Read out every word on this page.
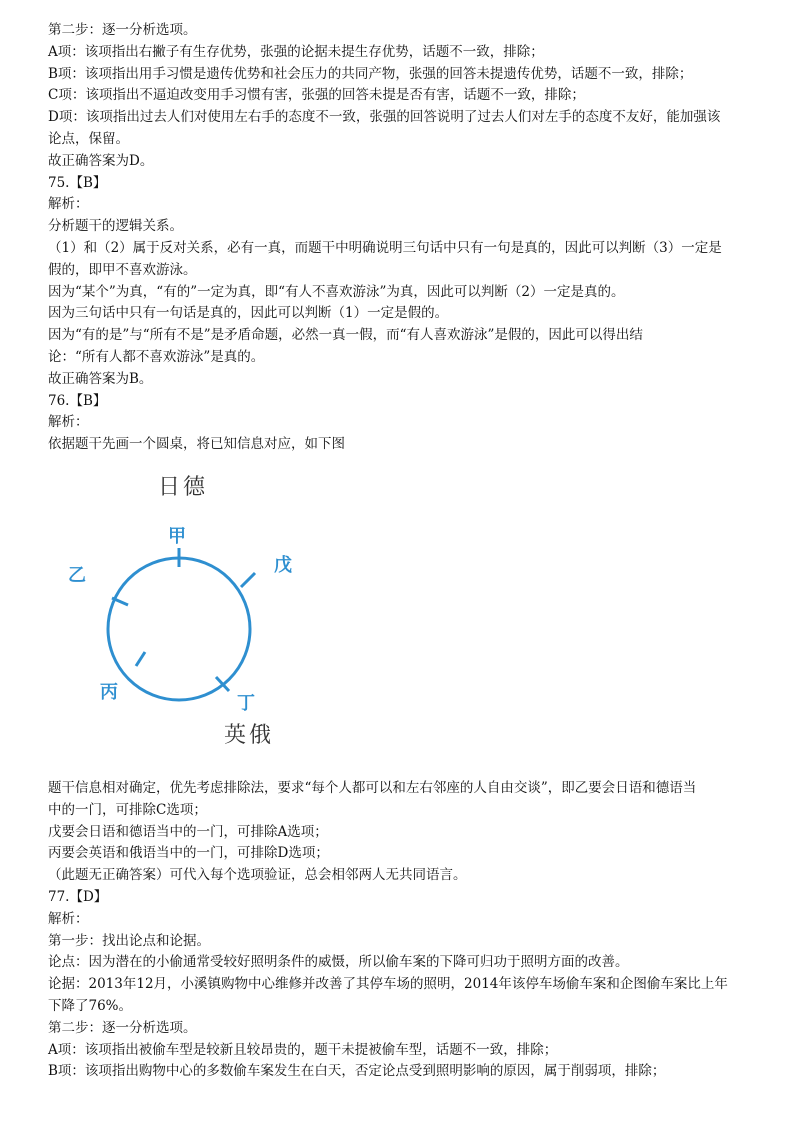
第二步：逐一分析选项。
A项：该项指出右撇子有生存优势，张强的论据未提生存优势，话题不一致，排除；
B项：该项指出用手习惯是遗传优势和社会压力的共同产物，张强的回答未提遗传优势，话题不一致，排除；
C项：该项指出不逼迫改变用手习惯有害，张强的回答未提是否有害，话题不一致，排除；
D项：该项指出过去人们对使用左右手的态度不一致，张强的回答说明了过去人们对左手的态度不友好，能加强该
论点，保留。
故正确答案为D。
75.【B】
解析：
分析题干的逻辑关系。
（1）和（2）属于反对关系，必有一真，而题干中明确说明三句话中只有一句是真的，因此可以判断（3）一定是
假的，即甲不喜欢游泳。
因为“某个”为真，“有的”一定为真，即“有人不喜欢游泳”为真，因此可以判断（2）一定是真的。
因为三句话中只有一句话是真的，因此可以判断（1）一定是假的。
因为“有的是”与“所有不是”是矛盾命题，必然一真一假，而“有人喜欢游泳”是假的，因此可以得出结
论：“所有人都不喜欢游泳”是真的。
故正确答案为B。
76.【B】
解析：
依据题干先画一个圆桌，将已知信息对应，如下图
日德
甲
戊
乙
丙
丁
英俄
题干信息相对确定，优先考虑排除法，要求“每个人都可以和左右邻座的人自由交谈”，即乙要会日语和德语当
中的一门，可排除C选项；
戊要会日语和德语当中的一门，可排除A选项；
丙要会英语和俄语当中的一门，可排除D选项；
（此题无正确答案）可代入每个选项验证，总会相邻两人无共同语言。
77.【D】
解析：
第一步：找出论点和论据。
论点：因为潜在的小偷通常受较好照明条件的威慑，所以偷车案的下降可归功于照明方面的改善。
论据：2013年12月，小溪镇购物中心维修并改善了其停车场的照明，2014年该停车场偷车案和企图偷车案比上年
下降了76%。
第二步：逐一分析选项。
A项：该项指出被偷车型是较新且较昂贵的，题干未提被偷车型，话题不一致，排除；
B项：该项指出购物中心的多数偷车案发生在白天，否定论点受到照明影响的原因，属于削弱项，排除；
